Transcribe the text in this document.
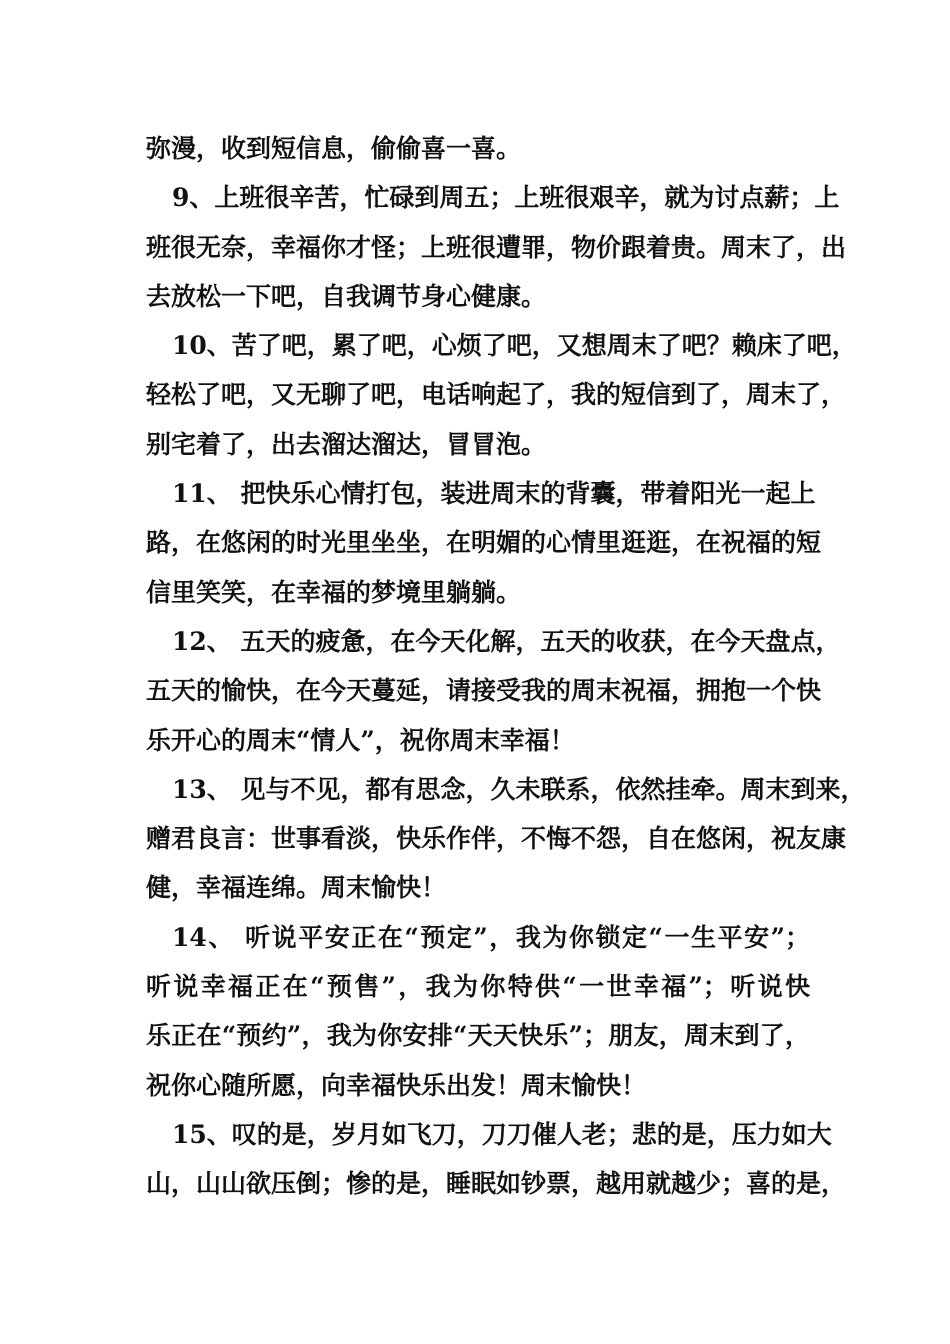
弥漫，收到短信息，偷偷喜一喜。
9、上班很辛苦，忙碌到周五；上班很艰辛，就为讨点薪；上
班很无奈，幸福你才怪；上班很遭罪，物价跟着贵。周末了，出
去放松一下吧，自我调节身心健康。
10、苦了吧，累了吧，心烦了吧，又想周末了吧？赖床了吧，
轻松了吧，又无聊了吧，电话响起了，我的短信到了，周末了，
别宅着了，出去溜达溜达，冒冒泡。
11、 把快乐心情打包，装进周末的背囊，带着阳光一起上
路，在悠闲的时光里坐坐，在明媚的心情里逛逛，在祝福的短
信里笑笑，在幸福的梦境里躺躺。
12、 五天的疲惫，在今天化解，五天的收获，在今天盘点，
五天的愉快，在今天蔓延，请接受我的周末祝福，拥抱一个快
乐开心的周末“情人”，祝你周末幸福！
13、 见与不见，都有思念，久未联系，依然挂牵。周末到来，
赠君良言：世事看淡，快乐作伴，不悔不怨，自在悠闲，祝友康
健，幸福连绵。周末愉快！
14、 听说平安正在“预定”，我为你锁定“一生平安”；
听说幸福正在“预售”，我为你特供“一世幸福”；听说快
乐正在“预约”，我为你安排“天天快乐”；朋友，周末到了，
祝你心随所愿，向幸福快乐出发！周末愉快！
15、叹的是，岁月如飞刀，刀刀催人老；悲的是，压力如大
山，山山欲压倒；惨的是，睡眠如钞票，越用就越少；喜的是，
